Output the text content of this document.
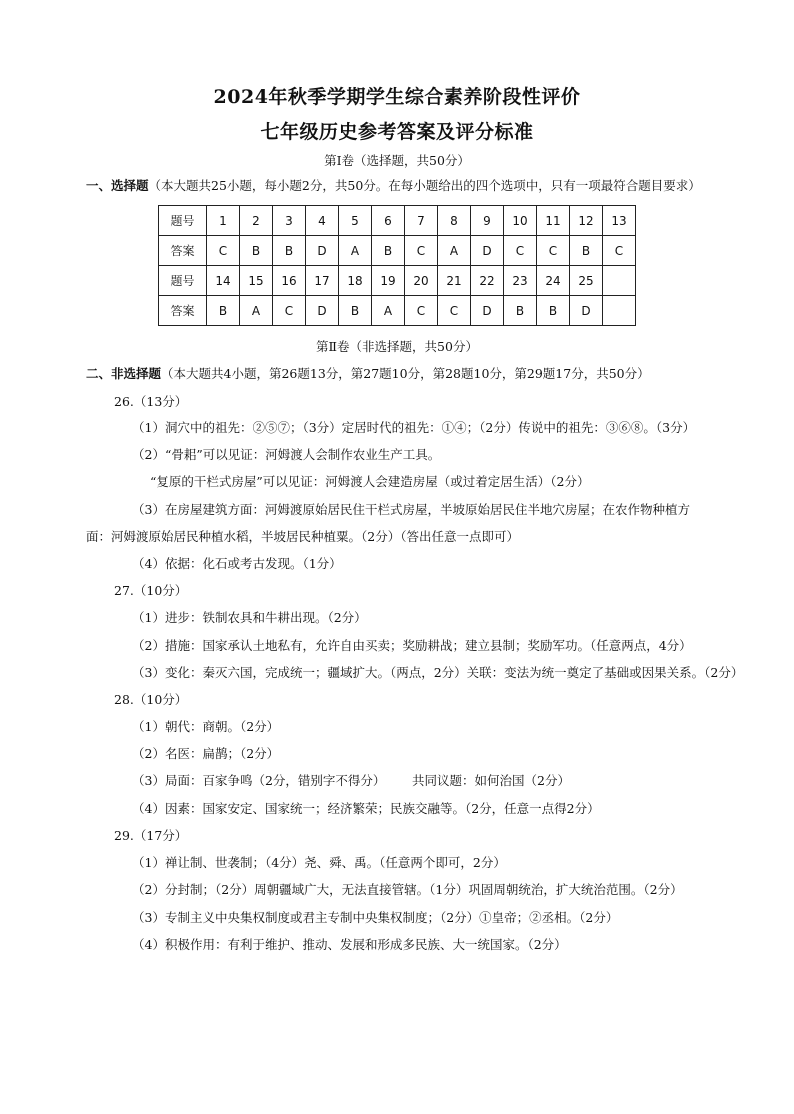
2024年秋季学期学生综合素养阶段性评价
七年级历史参考答案及评分标准
第Ⅰ卷（选择题，共50分）
一、选择题（本大题共25小题，每小题2分，共50分。在每小题给出的四个选项中，只有一项最符合题目要求）
题号	1	2	3	4	5	6	7	8	9	10	11	12	13
答案	C	B	B	D	A	B	C	A	D	C	C	B	C
题号	14	15	16	17	18	19	20	21	22	23	24	25	
答案	B	A	C	D	B	A	C	C	D	B	B	D	
第Ⅱ卷（非选择题，共50分）
二、非选择题（本大题共4小题，第26题13分，第27题10分，第28题10分，第29题17分，共50分）
26.（13分）
（1）洞穴中的祖先：②⑤⑦；（3分）定居时代的祖先：①④；（2分）传说中的祖先：③⑥⑧。（3分）
（2）“骨耜”可以见证：河姆渡人会制作农业生产工具。
“复原的干栏式房屋”可以见证：河姆渡人会建造房屋（或过着定居生活）（2分）
（3）在房屋建筑方面：河姆渡原始居民住干栏式房屋，半坡原始居民住半地穴房屋；在农作物种植方
面：河姆渡原始居民种植水稻，半坡居民种植粟。（2分）（答出任意一点即可）
（4）依据：化石或考古发现。（1分）
27.（10分）
（1）进步：铁制农具和牛耕出现。（2分）
（2）措施：国家承认土地私有，允许自由买卖；奖励耕战；建立县制；奖励军功。（任意两点，4分）
（3）变化：秦灭六国，完成统一；疆域扩大。（两点，2分）关联：变法为统一奠定了基础或因果关系。（2分）
28.（10分）
（1）朝代：商朝。（2分）
（2）名医：扁鹊；（2分）
（3）局面：百家争鸣（2分，错别字不得分） 共同议题：如何治国（2分）
（4）因素：国家安定、国家统一；经济繁荣；民族交融等。（2分，任意一点得2分）
29.（17分）
（1）禅让制、世袭制；（4分）尧、舜、禹。（任意两个即可，2分）
（2）分封制；（2分）周朝疆域广大，无法直接管辖。（1分）巩固周朝统治，扩大统治范围。（2分）
（3）专制主义中央集权制度或君主专制中央集权制度；（2分）①皇帝；②丞相。（2分）
（4）积极作用：有利于维护、推动、发展和形成多民族、大一统国家。（2分）
